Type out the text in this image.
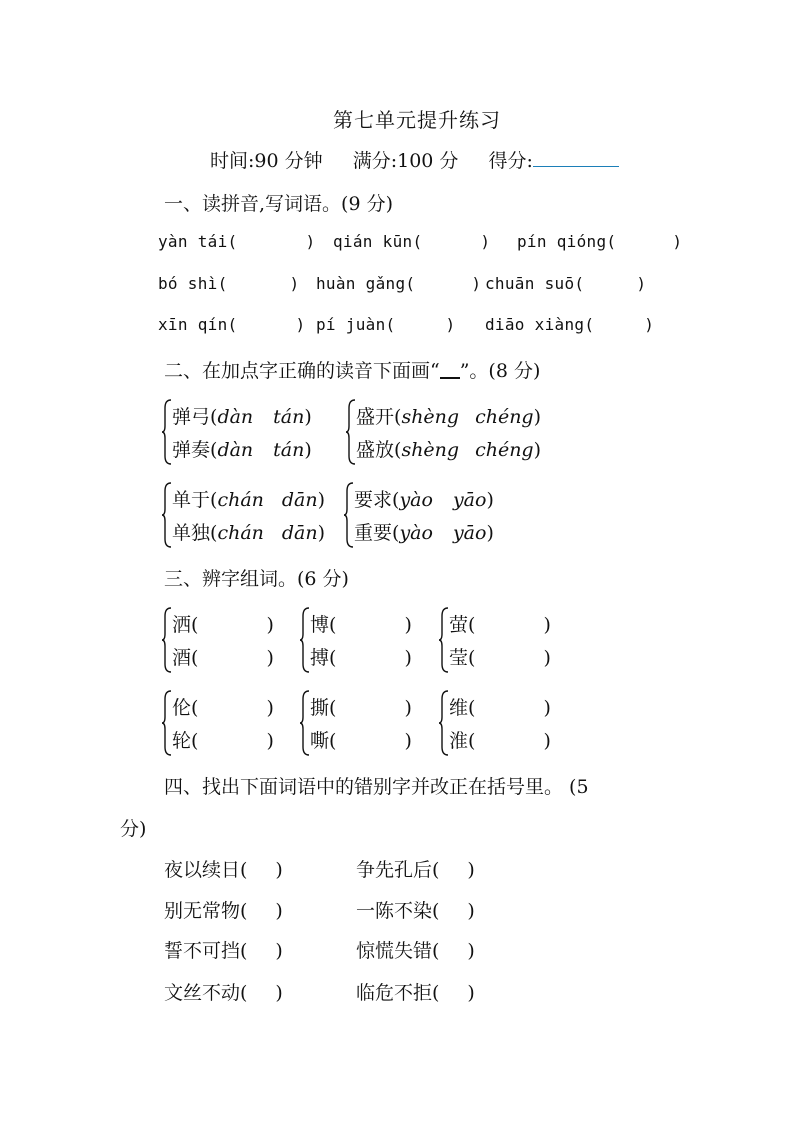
第七单元提升练习
时间:90 分钟 满分:100 分 得分:
一、读拼音,写词语。(9 分)
yàn tái(	) qián kūn(	) pín qióng(	)
bó shì(	) huàn gǎng(	) chuān suō(	)
xīn qín(	) pí juàn(	) diāo xiàng(	)
二、在加点字正确的读音下面画“ ”。(8 分)
弹弓(dàn tán)
弹奏(dàn tán)
盛开(shèng chéng)
盛放(shèng chéng)
单于(chán dān)
单独(chán dān)
要求(yào yāo)
重要(yào yāo)
三、辨字组词。(6 分)
洒(	)
酒(	)
博(	)
搏(	)
萤(	)
莹(	)
伦(	)
轮(	)
撕(	)
嘶(	)
维(	)
淮(	)
四、找出下面词语中的错别字并改正在括号里。 (5
分)
夜以续日( )	争先孔后( )
别无常物( )	一陈不染( )
誓不可挡( )	惊慌失错( )
文丝不动( )	临危不拒( )
